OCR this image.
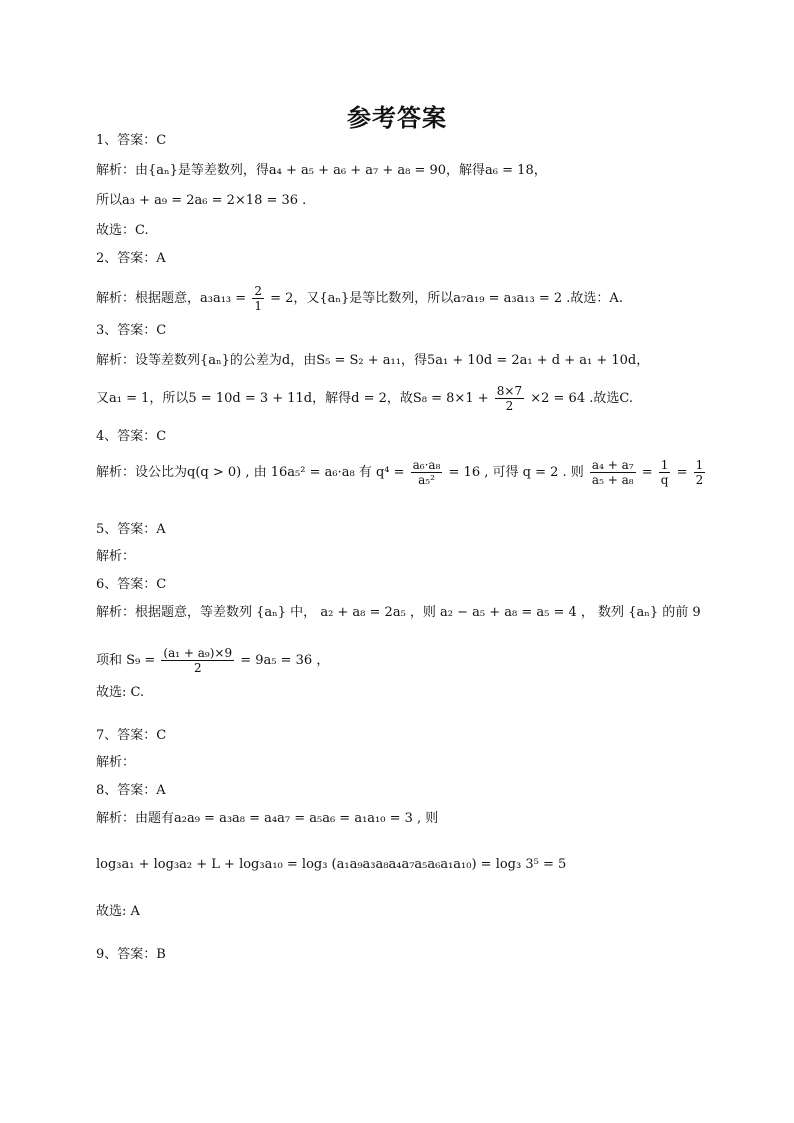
参考答案
1、答案：C
解析：由{aₙ}是等差数列，得a₄ + a₅ + a₆ + a₇ + a₈ = 90，解得a₆ = 18，
所以a₃ + a₉ = 2a₆ = 2×18 = 36 .
故选：C.
2、答案：A
解析：根据题意，$a_3a_{13} = \frac{2}{1} = 2$，又{aₙ}是等比数列，所以a₇a₁₉ = a₃a₁₃ = 2 .故选：A.
3、答案：C
解析：设等差数列{aₙ}的公差为d，由S₅ = S₂ + a₁₁，得5a₁ + 10d = 2a₁ + d + a₁ + 10d，
又a₁ = 1，所以5 = 10d = 3 + 11d，解得d = 2，故$S_8 = 8\times 1 + \frac{8\times 7}{2} \times 2 = 64$ .故选C.
4、答案：C
解析：设公比为q(q > 0) , 由 16a₅² = a₆·a₈ 有 $q^4 = \frac{\text{a₆·a₈}}{\text{a₅²}} = 16$ , 可得 q = 2 . 则 $\frac{\text{a₄ + a₇}}{\text{a₅ + a₈}} = \frac{1}{q} = \frac{1}{2}$
5、答案：A
解析：
6、答案：C
解析：根据题意，等差数列 {aₙ} 中， a₂ + a₈ = 2a₅ ，则 a₂ − a₅ + a₈ = a₅ = 4 ， 数列 {aₙ} 的前 9
项和 $S_9 = \frac{\text{(a₁ + a₉)×9}}{2} = 9a_5 = 36$ ，
故选: C.
7、答案：C
解析：
8、答案：A
解析：由题有a₂a₉ = a₃a₈ = a₄a₇ = a₅a₆ = a₁a₁₀ = 3 , 则
log₃a₁ + log₃a₂ + L + log₃a₁₀ = log₃ (a₁a₉a₃a₈a₄a₇a₅a₆a₁a₁₀) = log₃ 3⁵ = 5
故选: A
9、答案：B
